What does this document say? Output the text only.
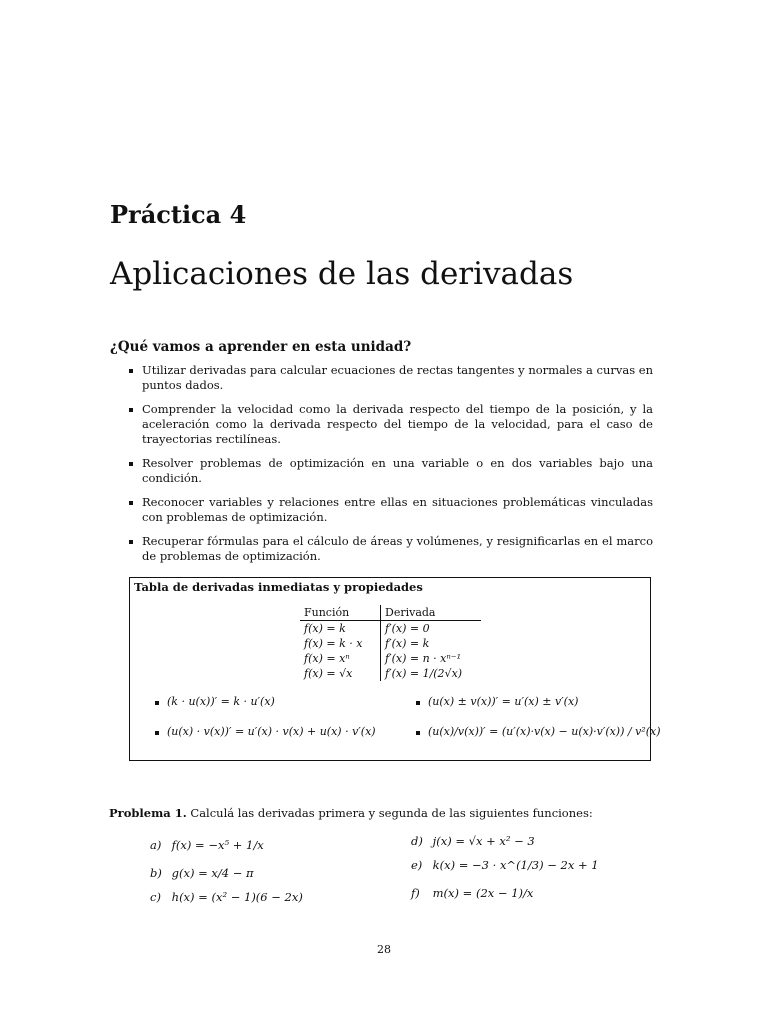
Práctica 4
Aplicaciones de las derivadas
¿Qué vamos a aprender en esta unidad?
Utilizar derivadas para calcular ecuaciones de rectas tangentes y normales a curvas en puntos dados.
Comprender la velocidad como la derivada respecto del tiempo de la posición, y la aceleración como la derivada respecto del tiempo de la velocidad, para el caso de trayectorias rectilíneas.
Resolver problemas de optimización en una variable o en dos variables bajo una condición.
Reconocer variables y relaciones entre ellas en situaciones problemáticas vinculadas con problemas de optimización.
Recuperar fórmulas para el cálculo de áreas y volúmenes, y resignificarlas en el marco de problemas de optimización.
Tabla de derivadas inmediatas y propiedades
Función	Derivada
f(x) = k	f′(x) = 0
f(x) = k · x	f′(x) = k
f(x) = xⁿ	f′(x) = n · xⁿ⁻¹
f(x) = √x	f′(x) = 1/(2√x)
(k · u(x))′ = k · u′(x)	(u(x) ± v(x))′ = u′(x) ± v′(x)
(u(x) · v(x))′ = u′(x) · v(x) + u(x) · v′(x)	(u(x)/v(x))′ = (u′(x)·v(x) − u(x)·v′(x)) / v²(x)
Problema 1. Calculá las derivadas primera y segunda de las siguientes funciones:
a) f(x) = −x⁵ + 1/x
b) g(x) = x/4 − π
c) h(x) = (x² − 1)(6 − 2x)
d) j(x) = √x + x² − 3
e) k(x) = −3 · x^(1/3) − 2x + 1
f) m(x) = (2x − 1)/x
28
